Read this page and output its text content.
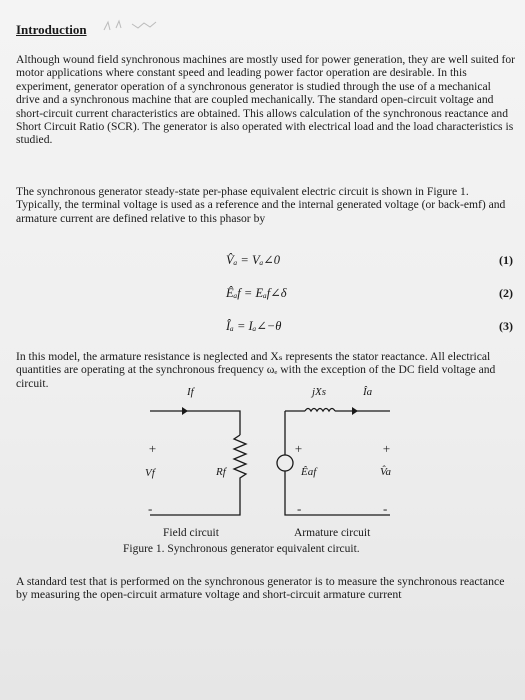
Introduction
Although wound field synchronous machines are mostly used for power generation, they are well suited for motor applications where constant speed and leading power factor operation are desirable. In this experiment, generator operation of a synchronous generator is studied through the use of a mechanical drive and a synchronous machine that are coupled mechanically. The standard open-circuit voltage and short-circuit current characteristics are obtained. This allows calculation of the synchronous reactance and Short Circuit Ratio (SCR). The generator is also operated with electrical load and the load characteristics is studied.
The synchronous generator steady-state per-phase equivalent electric circuit is shown in Figure 1. Typically, the terminal voltage is used as a reference and the internal generated voltage (or back-emf) and armature current are defined relative to this phasor by
V̂ₐ = Vₐ∠0	(1)
Êₐf = Eₐf∠δ	(2)
Îₐ = Iₐ∠−θ	(3)
In this model, the armature resistance is neglected and Xₛ represents the stator reactance. All electrical quantities are operating at the synchronous frequency ωₑ with the exception of the DC field voltage and circuit.
If
+
Vf
-
Rf
jXs	Îa
+
Êaf
-
+
V̂a
-
Field circuit	Armature circuit
Figure 1. Synchronous generator equivalent circuit.
A standard test that is performed on the synchronous generator is to measure the synchronous reactance by measuring the open-circuit armature voltage and short-circuit armature current
